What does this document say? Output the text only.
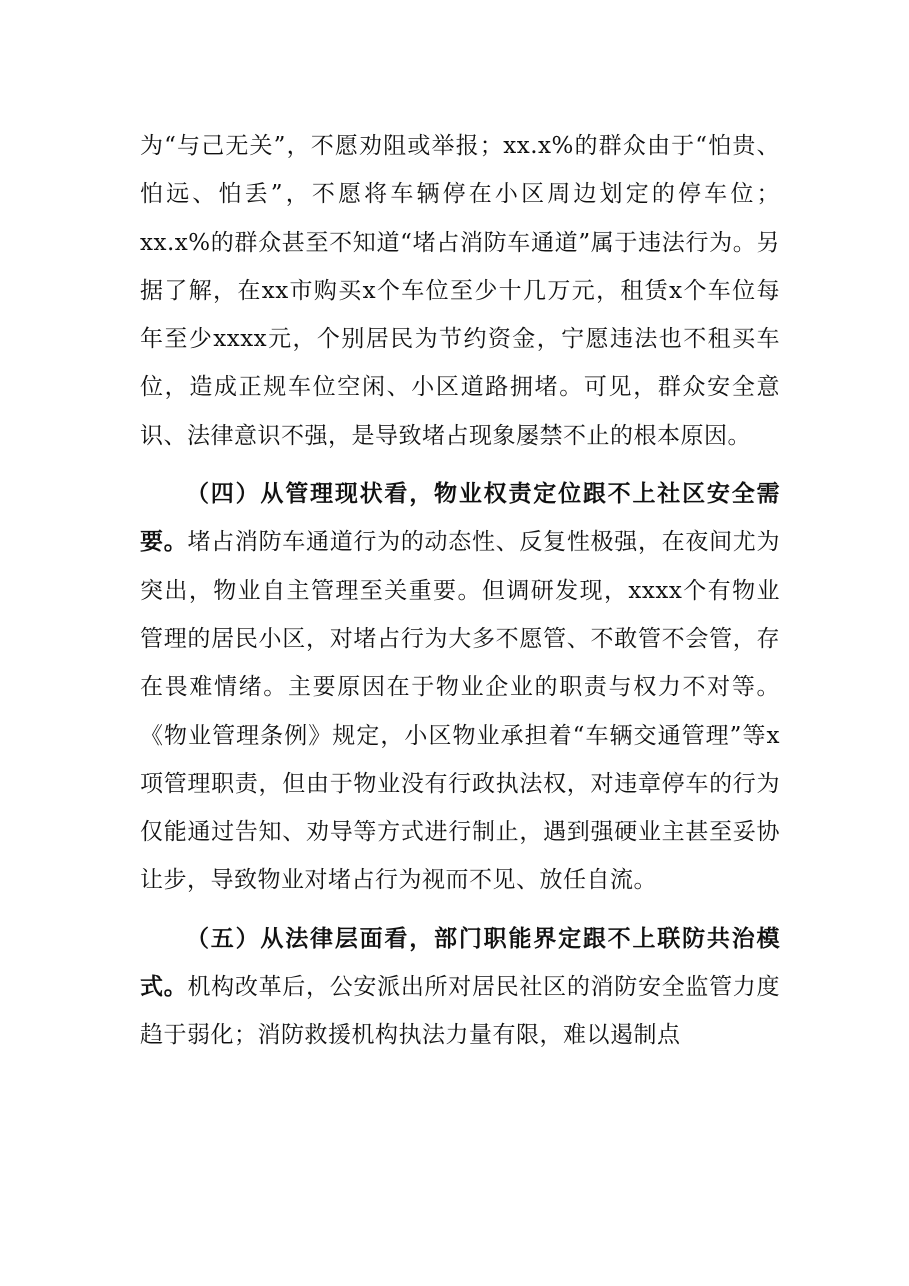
为“与己无关”，不愿劝阻或举报；xx.x%的群众由于“怕贵、怕远、怕丢”，不愿将车辆停在小区周边划定的停车位；xx.x%的群众甚至不知道“堵占消防车通道”属于违法行为。另据了解，在xx市购买x个车位至少十几万元，租赁x个车位每年至少xxxx元，个别居民为节约资金，宁愿违法也不租买车位，造成正规车位空闲、小区道路拥堵。可见，群众安全意识、法律意识不强，是导致堵占现象屡禁不止的根本原因。

（四）从管理现状看，物业权责定位跟不上社区安全需要。堵占消防车通道行为的动态性、反复性极强，在夜间尤为突出，物业自主管理至关重要。但调研发现，xxxx个有物业管理的居民小区，对堵占行为大多不愿管、不敢管不会管，存在畏难情绪。主要原因在于物业企业的职责与权力不对等。《物业管理条例》规定，小区物业承担着“车辆交通管理”等x项管理职责，但由于物业没有行政执法权，对违章停车的行为仅能通过告知、劝导等方式进行制止，遇到强硬业主甚至妥协让步，导致物业对堵占行为视而不见、放任自流。

（五）从法律层面看，部门职能界定跟不上联防共治模式。机构改革后，公安派出所对居民社区的消防安全监管力度趋于弱化；消防救援机构执法力量有限，难以遏制点
